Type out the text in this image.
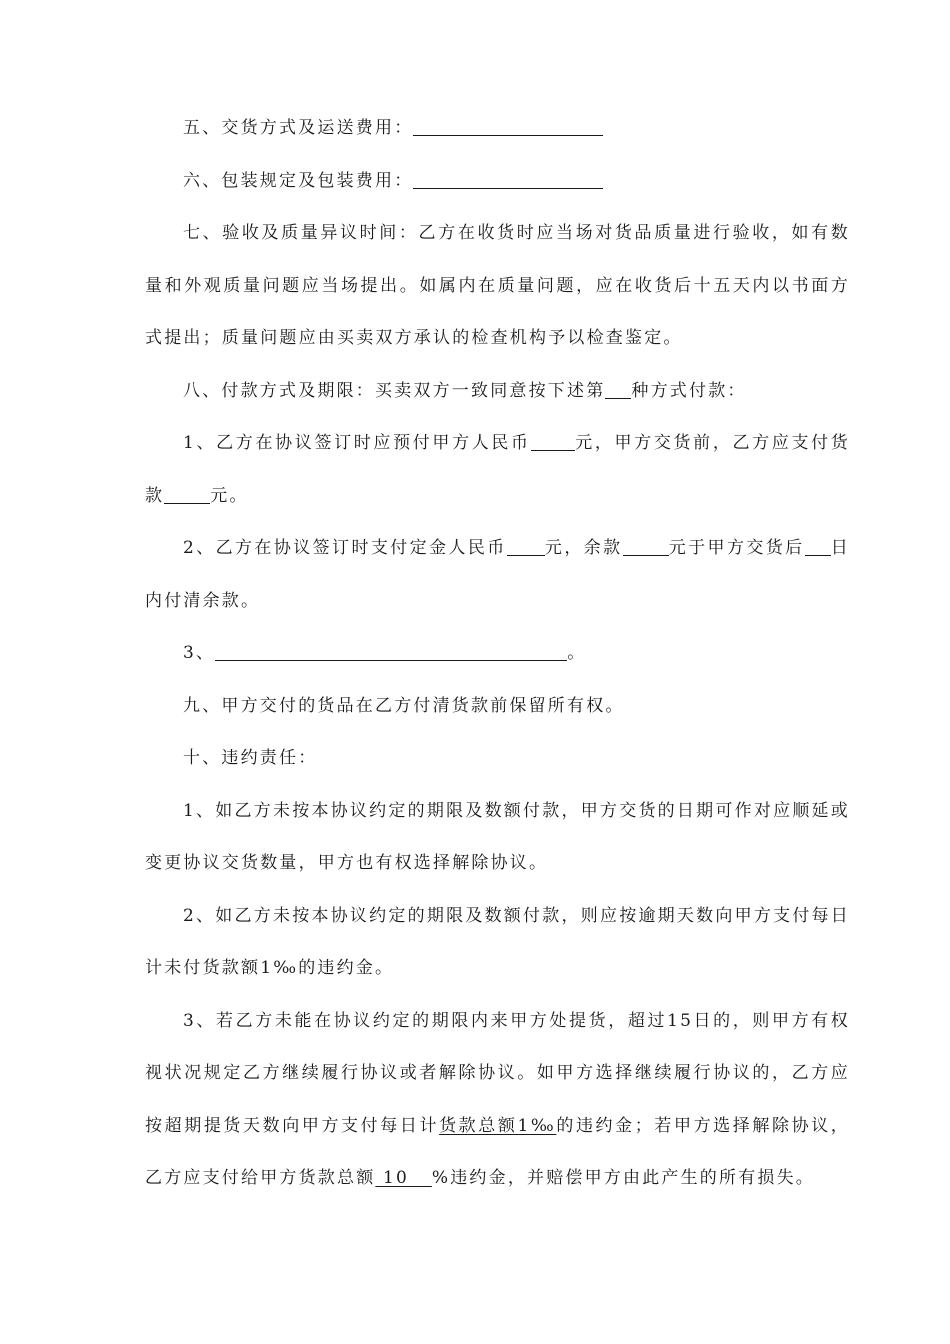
五、交货方式及运送费用：

六、包装规定及包装费用：

七、验收及质量异议时间：乙方在收货时应当场对货品质量进行验收，如有数量和外观质量问题应当场提出。如属内在质量问题，应在收货后十五天内以书面方式提出；质量问题应由买卖双方承认的检查机构予以检查鉴定。

八、付款方式及期限：买卖双方一致同意按下述第 种方式付款：

1、乙方在协议签订时应预付甲方人民币	元，甲方交货前，乙方应支付货款	元。

2、乙方在协议签订时支付定金人民币 元，余款	元于甲方交货后 日内付清余款。

3、	。

九、甲方交付的货品在乙方付清货款前保留所有权。

十、违约责任：

1、如乙方未按本协议约定的期限及数额付款，甲方交货的日期可作对应顺延或变更协议交货数量，甲方也有权选择解除协议。

2、如乙方未按本协议约定的期限及数额付款，则应按逾期天数向甲方支付每日计未付货款额1‰的违约金。

3、若乙方未能在协议约定的期限内来甲方处提货，超过15日的，则甲方有权视状况规定乙方继续履行协议或者解除协议。如甲方选择继续履行协议的，乙方应按超期提货天数向甲方支付每日计货款总额1‰的违约金；若甲方选择解除协议，乙方应支付给甲方货款总额 10   %违约金，并赔偿甲方由此产生的所有损失。
